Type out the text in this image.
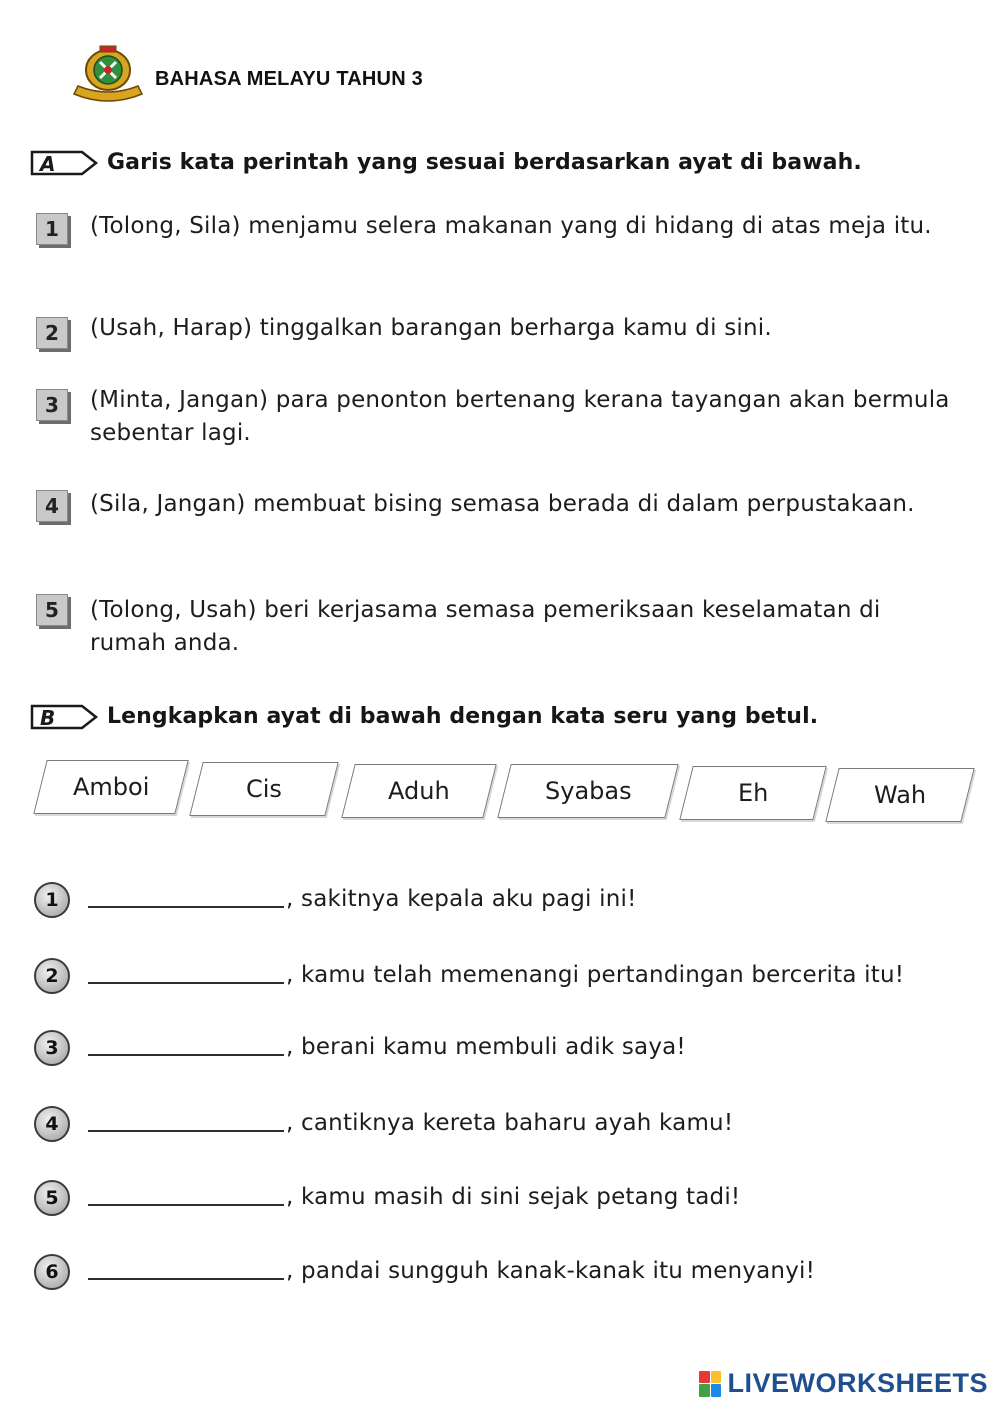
BAHASA MELAYU TAHUN 3
A Garis kata perintah yang sesuai berdasarkan ayat di bawah.
1	(Tolong, Sila) menjamu selera makanan yang di hidang di atas meja itu.
2	(Usah, Harap) tinggalkan barangan berharga kamu di sini.
3	(Minta, Jangan) para penonton bertenang kerana tayangan akan bermula sebentar lagi.
4	(Sila, Jangan) membuat bising semasa berada di dalam perpustakaan.
5	(Tolong, Usah) beri kerjasama semasa pemeriksaan keselamatan di rumah anda.
B Lengkapkan ayat di bawah dengan kata seru yang betul.
Amboi	Cis	Aduh	Syabas	Eh	Wah
1	, sakitnya kepala aku pagi ini!
2	, kamu telah memenangi pertandingan bercerita itu!
3	, berani kamu membuli adik saya!
4	, cantiknya kereta baharu ayah kamu!
5	, kamu masih di sini sejak petang tadi!
6	, pandai sungguh kanak-kanak itu menyanyi!
LIVEWORKSHEETS
